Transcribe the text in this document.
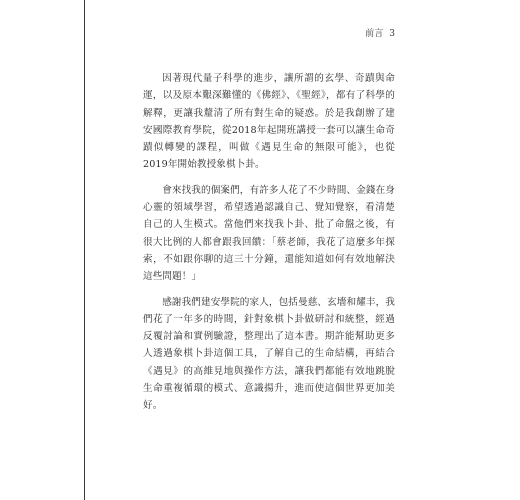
前言 3

因著現代量子科學的進步，讓所謂的玄學、奇蹟與命運，以及原本艱深難懂的《佛經》、《聖經》，都有了科學的解釋，更讓我釐清了所有對生命的疑惑。於是我創辦了建安國際教育學院，從2018年起開班講授一套可以讓生命奇蹟似轉變的課程，叫做《遇見生命的無限可能》，也從2019年開始教授象棋卜卦。

會來找我的個案們，有許多人花了不少時間、金錢在身心靈的領域學習，希望透過認識自己、覺知覺察，看清楚自己的人生模式。當他們來找我卜卦、批了命盤之後，有很大比例的人都會跟我回饋：「蔡老師，我花了這麼多年探索，不如跟你聊的這三十分鐘，還能知道如何有效地解決這些問題！」

感謝我們建安學院的家人，包括曼慈、玄墻和耀丰，我們花了一年多的時間，針對象棋卜卦做研討和統整，經過反覆討論和實例驗證，整理出了這本書。期許能幫助更多人透過象棋卜卦這個工具，了解自己的生命結構，再結合《遇見》的高維見地與操作方法，讓我們都能有效地跳脫生命重複循環的模式、意識揚升，進而使這個世界更加美好。
